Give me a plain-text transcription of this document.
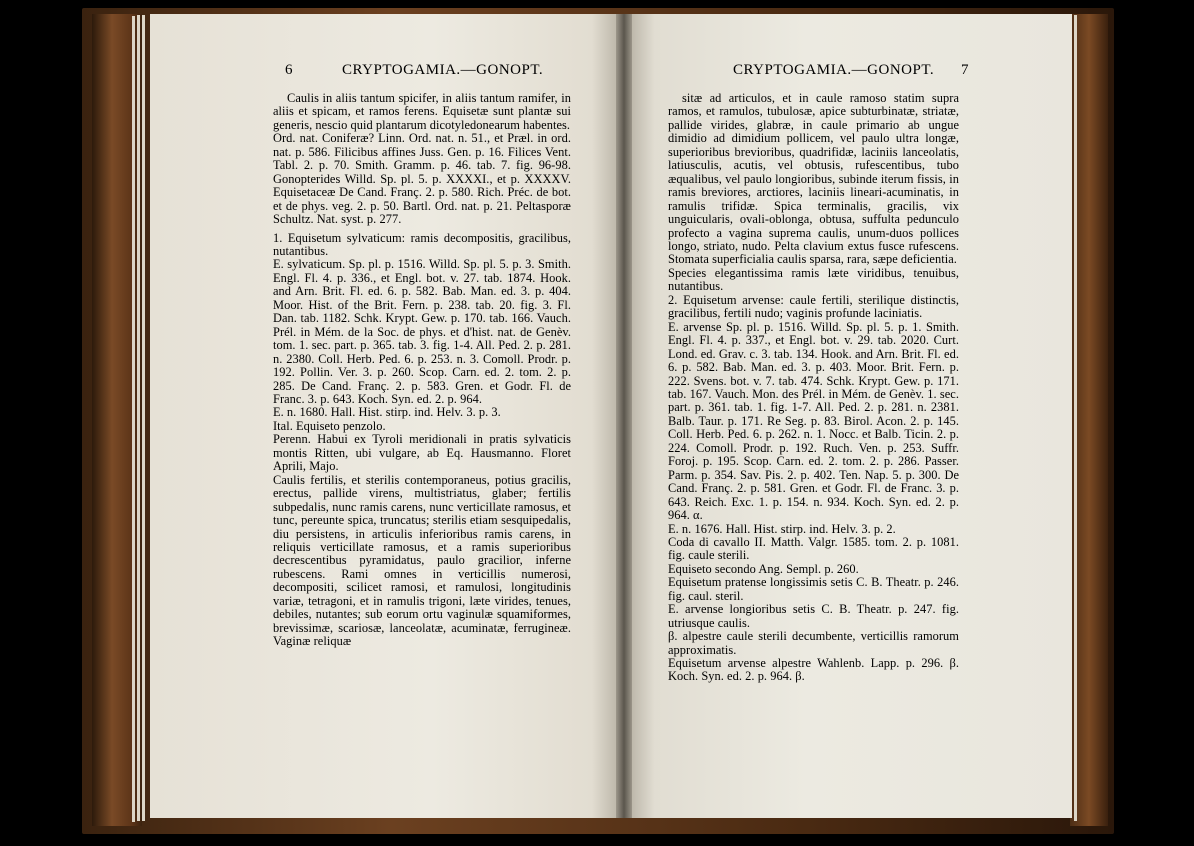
6	CRYPTOGAMIA.—GONOPT.	CRYPTOGAMIA.—GONOPT. 7

Caulis in aliis tantum spicifer, in aliis tantum ramifer, in aliis et spicam, et ramos ferens. Equisetæ sunt plantæ sui generis, nescio quid plantarum dicotyledonearum habentes.

Ord. nat. Coniferæ? Linn. Ord. nat. n. 51., et Præl. in ord. nat. p. 586. Filicibus affines Juss. Gen. p. 16. Filices Vent. Tabl. 2. p. 70. Smith. Gramm. p. 46. tab. 7. fig. 96-98. Gonopterides Willd. Sp. pl. 5. p. XXXXI., et p. XXXXV. Equisetaceæ De Cand. Franç. 2. p. 580. Rich. Préc. de bot. et de phys. veg. 2. p. 50. Bartl. Ord. nat. p. 21. Peltasporæ Schultz. Nat. syst. p. 277.

1. Equisetum sylvaticum: ramis decompositis, gracilibus, nutantibus.

E. sylvaticum. Sp. pl. p. 1516. Willd. Sp. pl. 5. p. 3. Smith. Engl. Fl. 4. p. 336., et Engl. bot. v. 27. tab. 1874. Hook. and Arn. Brit. Fl. ed. 6. p. 582. Bab. Man. ed. 3. p. 404. Moor. Hist. of the Brit. Fern. p. 238. tab. 20. fig. 3. Fl. Dan. tab. 1182. Schk. Krypt. Gew. p. 170. tab. 166. Vauch. Prél. in Mém. de la Soc. de phys. et d'hist. nat. de Genèv. tom. 1. sec. part. p. 365. tab. 3. fig. 1-4. All. Ped. 2. p. 281. n. 2380. Coll. Herb. Ped. 6. p. 253. n. 3. Comoll. Prodr. p. 192. Pollin. Ver. 3. p. 260. Scop. Carn. ed. 2. tom. 2. p. 285. De Cand. Franç. 2. p. 583. Gren. et Godr. Fl. de Franc. 3. p. 643. Koch. Syn. ed. 2. p. 964.

E. n. 1680. Hall. Hist. stirp. ind. Helv. 3. p. 3.

Ital. Equiseto penzolo.

Perenn. Habui ex Tyroli meridionali in pratis sylvaticis montis Ritten, ubi vulgare, ab Eq. Hausmanno. Floret Aprili, Majo.

Caulis fertilis, et sterilis contemporaneus, potius gracilis, erectus, pallide virens, multistriatus, glaber; fertilis subpedalis, nunc ramis carens, nunc verticillate ramosus, et tunc, pereunte spica, truncatus; sterilis etiam sesquipedalis, diu persistens, in articulis inferioribus ramis carens, in reliquis verticillate ramosus, et a ramis superioribus decrescentibus pyramidatus, paulo gracilior, inferne rubescens. Rami omnes in verticillis numerosi, decompositi, scilicet ramosi, et ramulosi, longitudinis variæ, tetragoni, et in ramulis trigoni, læte virides, tenues, debiles, nutantes; sub eorum ortu vaginulæ squamiformes, brevissimæ, scariosæ, lanceolatæ, acuminatæ, ferrugineæ. Vaginæ reliquæ

sitæ ad articulos, et in caule ramoso statim supra ramos, et ramulos, tubulosæ, apice subturbinatæ, striatæ, pallide virides, glabræ, in caule primario ab ungue dimidio ad dimidium pollicem, vel paulo ultra longæ, superioribus brevioribus, quadrifidæ, laciniis lanceolatis, latiusculis, acutis, vel obtusis, rufescentibus, tubo æqualibus, vel paulo longioribus, subinde iterum fissis, in ramis breviores, arctiores, laciniis lineari-acuminatis, in ramulis trifidæ. Spica terminalis, gracilis, vix unguicularis, ovali-oblonga, obtusa, suffulta pedunculo profecto a vagina suprema caulis, unum-duos pollices longo, striato, nudo. Pelta clavium extus fusce rufescens. Stomata superficialia caulis sparsa, rara, sæpe deficientia.

Species elegantissima ramis læte viridibus, tenuibus, nutantibus.

2. Equisetum arvense: caule fertili, sterilique distinctis, gracilibus, fertili nudo; vaginis profunde laciniatis.

E. arvense Sp. pl. p. 1516. Willd. Sp. pl. 5. p. 1. Smith. Engl. Fl. 4. p. 337., et Engl. bot. v. 29. tab. 2020. Curt. Lond. ed. Grav. c. 3. tab. 134. Hook. and Arn. Brit. Fl. ed. 6. p. 582. Bab. Man. ed. 3. p. 403. Moor. Brit. Fern. p. 222. Svens. bot. v. 7. tab. 474. Schk. Krypt. Gew. p. 171. tab. 167. Vauch. Mon. des Prél. in Mém. de Genèv. 1. sec. part. p. 361. tab. 1. fig. 1-7. All. Ped. 2. p. 281. n. 2381. Balb. Taur. p. 171. Re Seg. p. 83. Birol. Acon. 2. p. 145. Coll. Herb. Ped. 6. p. 262. n. 1. Nocc. et Balb. Ticin. 2. p. 224. Comoll. Prodr. p. 192. Ruch. Ven. p. 253. Suffr. Foroj. p. 195. Scop. Carn. ed. 2. tom. 2. p. 286. Passer. Parm. p. 354. Sav. Pis. 2. p. 402. Ten. Nap. 5. p. 300. De Cand. Franç. 2. p. 581. Gren. et Godr. Fl. de Franc. 3. p. 643. Reich. Exc. 1. p. 154. n. 934. Koch. Syn. ed. 2. p. 964. α.

E. n. 1676. Hall. Hist. stirp. ind. Helv. 3. p. 2.

Coda di cavallo II. Matth. Valgr. 1585. tom. 2. p. 1081. fig. caule sterili.

Equiseto secondo Ang. Sempl. p. 260.

Equisetum pratense longissimis setis C. B. Theatr. p. 246. fig. caul. steril.

E. arvense longioribus setis C. B. Theatr. p. 247. fig. utriusque caulis.

β. alpestre caule sterili decumbente, verticillis ramorum approximatis.

Equisetum arvense alpestre Wahlenb. Lapp. p. 296. β. Koch. Syn. ed. 2. p. 964. β.
